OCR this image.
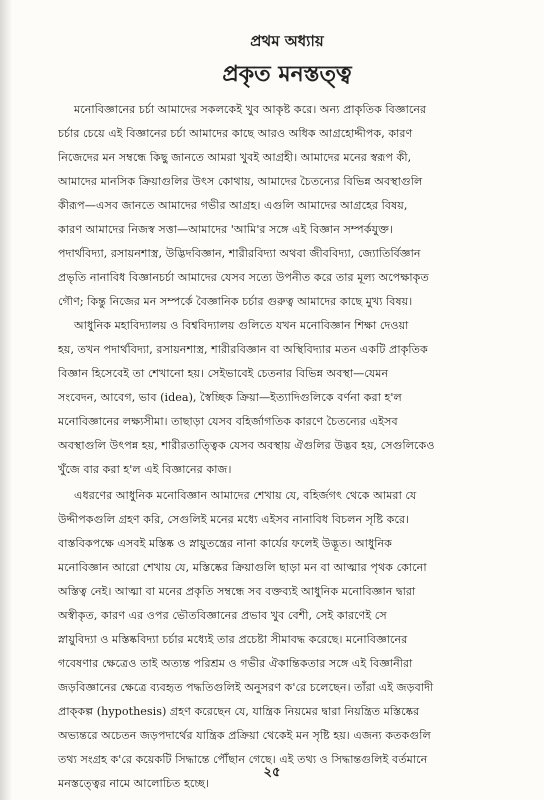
প্রথম অধ্যায়
প্রকৃত মনস্তত্ত্ব
মনোবিজ্ঞানের চর্চা আমাদের সকলকেই খুব আকৃষ্ট করে। অন্য প্রাকৃতিক বিজ্ঞানের
চর্চার চেয়ে এই বিজ্ঞানের চর্চা আমাদের কাছে আরও অধিক আগ্রহোদ্দীপক, কারণ
নিজেদের মন সম্বন্ধে কিছু জানতে আমরা খুবই আগ্রহী। আমাদের মনের স্বরূপ কী,
আমাদের মানসিক ক্রিয়াগুলির উৎস কোথায়, আমাদের চৈতন্যের বিভিন্ন অবস্থাগুলি
কীরূপ—এসব জানতে আমাদের গভীর আগ্রহ। এগুলি আমাদের আগ্রহের বিষয়,
কারণ আমাদের নিজস্ব সত্তা—আমাদের 'আমি'র সঙ্গে এই বিজ্ঞান সম্পর্কযুক্ত।
পদার্থবিদ্যা, রসায়নশাস্ত্র, উদ্ভিদবিজ্ঞান, শারীরবিদ্যা অথবা জীববিদ্যা, জ্যোতির্বিজ্ঞান
প্রভৃতি নানাবিধ বিজ্ঞানচর্চা আমাদের যেসব সত্যে উপনীত করে তার মূল্য অপেক্ষাকৃত
গৌণ; কিন্তু নিজের মন সম্পর্কে বৈজ্ঞানিক চর্চার গুরুত্ব আমাদের কাছে মুখ্য বিষয়।
আধুনিক মহাবিদ্যালয় ও বিশ্ববিদ্যালয় গুলিতে যখন মনোবিজ্ঞান শিক্ষা দেওয়া
হয়, তখন পদার্থবিদ্যা, রসায়নশাস্ত্র, শারীরবিজ্ঞান বা অস্থিবিদ্যার মতন একটি প্রাকৃতিক
বিজ্ঞান হিসেবেই তা শেখানো হয়। সেইভাবেই চেতনার বিভিন্ন অবস্থা—যেমন
সংবেদন, আবেগ, ভাব (idea), স্বৈচ্ছিক ক্রিয়া—ইত্যাদিগুলিকে বর্ণনা করা হ'ল
মনোবিজ্ঞানের লক্ষ্যসীমা। তাছাড়া যেসব বহির্জাগতিক কারণে চৈতন্যের এইসব
অবস্থাগুলি উৎপন্ন হয়, শারীরতাত্ত্বিক যেসব অবস্থায় ঐগুলির উদ্ভব হয়, সেগুলিকেও
খুঁজে বার করা হ'ল এই বিজ্ঞানের কাজ।
এধরণের আধুনিক মনোবিজ্ঞান আমাদের শেখায় যে, বহির্জগৎ থেকে আমরা যে
উদ্দীপকগুলি গ্রহণ করি, সেগুলিই মনের মধ্যে এইসব নানাবিধ বিচলন সৃষ্টি করে।
বাস্তবিকপক্ষে এসবই মস্তিষ্ক ও স্নায়ুতন্ত্রের নানা কার্যের ফলেই উদ্ভূত। আধুনিক
মনোবিজ্ঞান আরো শেখায় যে, মস্তিষ্কের ক্রিয়াগুলি ছাড়া মন বা আত্মার পৃথক কোনো
অস্তিত্ব নেই। আত্মা বা মনের প্রকৃতি সম্বন্ধে সব বক্তব্যই আধুনিক মনোবিজ্ঞান দ্বারা
অস্বীকৃত, কারণ এর ওপর ভৌতবিজ্ঞানের প্রভাব খুব বেশী, সেই কারণেই সে
স্নায়ুবিদ্যা ও মস্তিষ্কবিদ্যা চর্চার মধ্যেই তার প্রচেষ্টা সীমাবদ্ধ করেছে। মনোবিজ্ঞানের
গবেষণার ক্ষেত্রেও তাই অত্যন্ত পরিশ্রম ও গভীর ঐকান্তিকতার সঙ্গে এই বিজ্ঞানীরা
জড়বিজ্ঞানের ক্ষেত্রে ব্যবহৃত পদ্ধতিগুলিই অনুসরণ ক'রে চলেছেন। তাঁরা এই জড়বাদী
প্রাক্‌কল্প (hypothesis) গ্রহণ করেছেন যে, যান্ত্রিক নিয়মের দ্বারা নিয়ন্ত্রিত মস্তিষ্কের
অভ্যন্তরে অচেতন জড়পদার্থের যান্ত্রিক প্রক্রিয়া থেকেই মন সৃষ্টি হয়। এজন্য কতকগুলি
তথ্য সংগ্রহ ক'রে কয়েকটি সিদ্ধান্তে পৌঁছান গেছে। এই তথ্য ও সিদ্ধান্তগুলিই বর্তমানে
মনস্তত্ত্বের নামে আলোচিত হচ্ছে।
২৫
